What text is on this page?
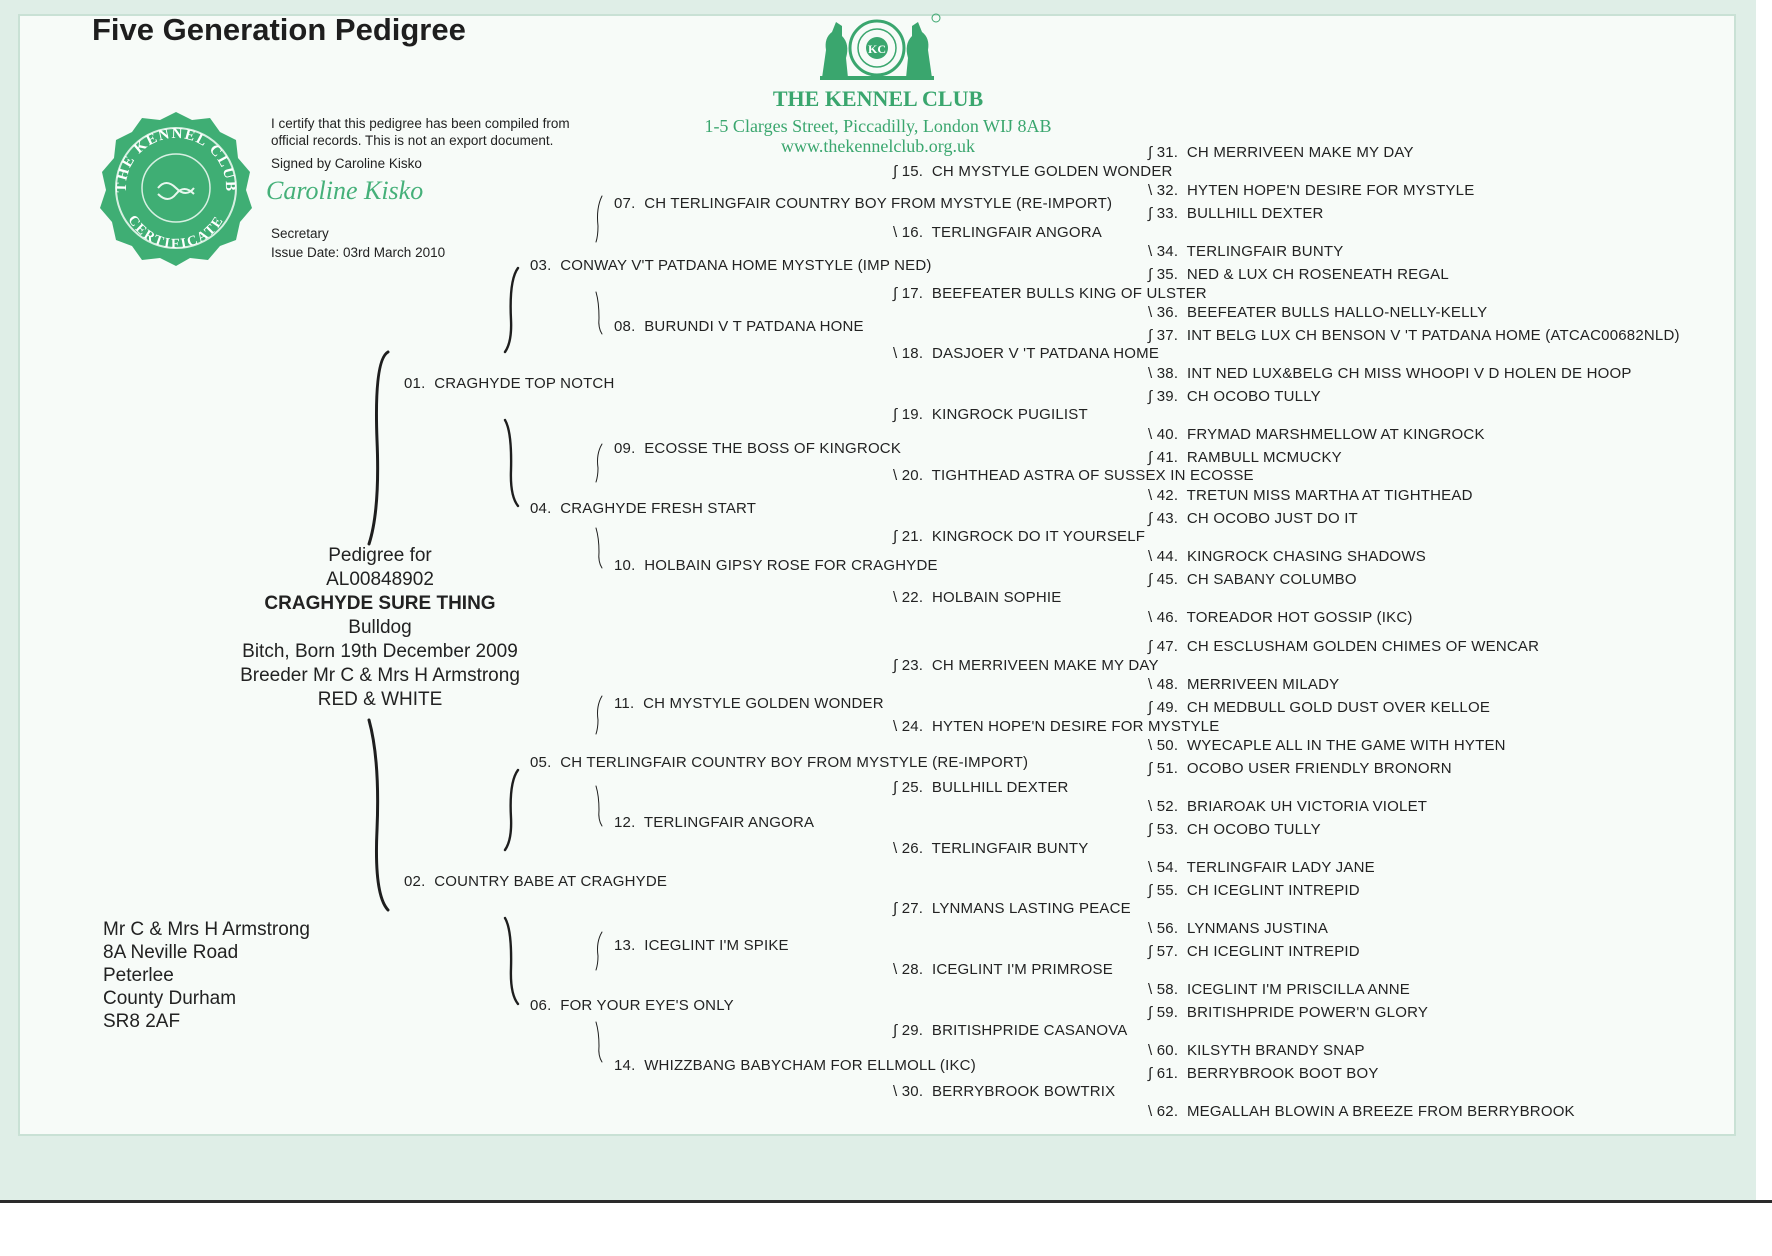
Five Generation Pedigree
KC
THE KENNEL CLUB
1-5 Clarges Street, Piccadilly, London WIJ 8AB
www.thekennelclub.org.uk
THE KENNEL CLUB
CERTIFICATE
I certify that this pedigree has been compiled from
official records. This is not an export document.
Signed by Caroline Kisko
Caroline Kisko
Secretary
Issue Date: 03rd March 2010
Pedigree for
AL00848902
CRAGHYDE SURE THING
Bulldog
Bitch, Born 19th December 2009
Breeder Mr C & Mrs H Armstrong
RED & WHITE
Mr C & Mrs H Armstrong
8A Neville Road
Peterlee
County Durham
SR8 2AF
01. CRAGHYDE TOP NOTCH
02. COUNTRY BABE AT CRAGHYDE
03. CONWAY V'T PATDANA HOME MYSTYLE (IMP NED)
04. CRAGHYDE FRESH START
05. CH TERLINGFAIR COUNTRY BOY FROM MYSTYLE (RE-IMPORT)
06. FOR YOUR EYE'S ONLY
07. CH TERLINGFAIR COUNTRY BOY FROM MYSTYLE (RE-IMPORT)
08. BURUNDI V T PATDANA HONE
09. ECOSSE THE BOSS OF KINGROCK
10. HOLBAIN GIPSY ROSE FOR CRAGHYDE
11. CH MYSTYLE GOLDEN WONDER
12. TERLINGFAIR ANGORA
13. ICEGLINT I'M SPIKE
14. WHIZZBANG BABYCHAM FOR ELLMOLL (IKC)
∫ 15. CH MYSTYLE GOLDEN WONDER
\ 16. TERLINGFAIR ANGORA
∫ 17. BEEFEATER BULLS KING OF ULSTER
\ 18. DASJOER V 'T PATDANA HOME
∫ 19. KINGROCK PUGILIST
\ 20. TIGHTHEAD ASTRA OF SUSSEX IN ECOSSE
∫ 21. KINGROCK DO IT YOURSELF
\ 22. HOLBAIN SOPHIE
∫ 23. CH MERRIVEEN MAKE MY DAY
\ 24. HYTEN HOPE'N DESIRE FOR MYSTYLE
∫ 25. BULLHILL DEXTER
\ 26. TERLINGFAIR BUNTY
∫ 27. LYNMANS LASTING PEACE
\ 28. ICEGLINT I'M PRIMROSE
∫ 29. BRITISHPRIDE CASANOVA
\ 30. BERRYBROOK BOWTRIX
∫ 31. CH MERRIVEEN MAKE MY DAY
\ 32. HYTEN HOPE'N DESIRE FOR MYSTYLE
∫ 33. BULLHILL DEXTER
\ 34. TERLINGFAIR BUNTY
∫ 35. NED & LUX CH ROSENEATH REGAL
\ 36. BEEFEATER BULLS HALLO-NELLY-KELLY
∫ 37. INT BELG LUX CH BENSON V 'T PATDANA HOME (ATCAC00682NLD)
\ 38. INT NED LUX&BELG CH MISS WHOOPI V D HOLEN DE HOOP
∫ 39. CH OCOBO TULLY
\ 40. FRYMAD MARSHMELLOW AT KINGROCK
∫ 41. RAMBULL MCMUCKY
\ 42. TRETUN MISS MARTHA AT TIGHTHEAD
∫ 43. CH OCOBO JUST DO IT
\ 44. KINGROCK CHASING SHADOWS
∫ 45. CH SABANY COLUMBO
\ 46. TOREADOR HOT GOSSIP (IKC)
∫ 47. CH ESCLUSHAM GOLDEN CHIMES OF WENCAR
\ 48. MERRIVEEN MILADY
∫ 49. CH MEDBULL GOLD DUST OVER KELLOE
\ 50. WYECAPLE ALL IN THE GAME WITH HYTEN
∫ 51. OCOBO USER FRIENDLY BRONORN
\ 52. BRIAROAK UH VICTORIA VIOLET
∫ 53. CH OCOBO TULLY
\ 54. TERLINGFAIR LADY JANE
∫ 55. CH ICEGLINT INTREPID
\ 56. LYNMANS JUSTINA
∫ 57. CH ICEGLINT INTREPID
\ 58. ICEGLINT I'M PRISCILLA ANNE
∫ 59. BRITISHPRIDE POWER'N GLORY
\ 60. KILSYTH BRANDY SNAP
∫ 61. BERRYBROOK BOOT BOY
\ 62. MEGALLAH BLOWIN A BREEZE FROM BERRYBROOK
